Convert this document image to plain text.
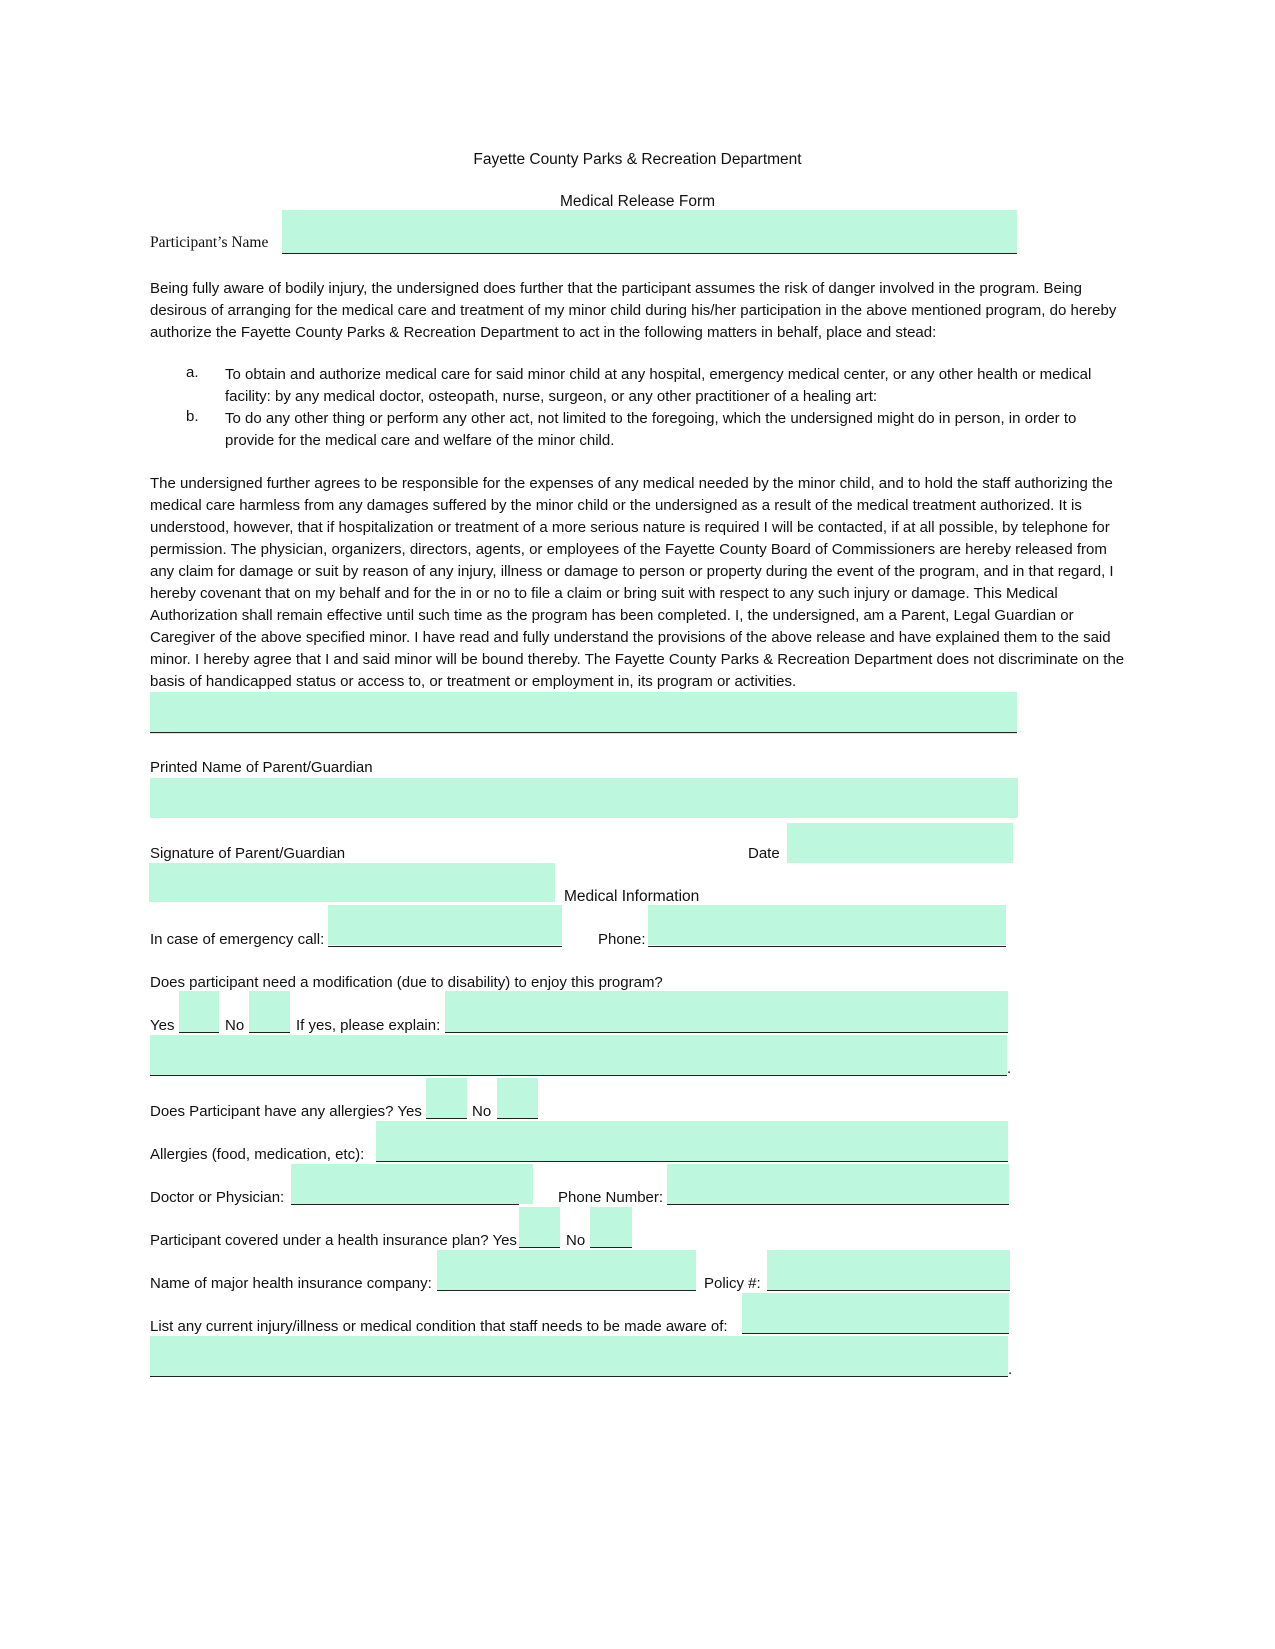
Fayette County Parks & Recreation Department
Medical Release Form
Participant’s Name
Being fully aware of bodily injury, the undersigned does further that the participant assumes the risk of danger involved in the program. Being desirous of arranging for the medical care and treatment of my minor child during his/her participation in the above mentioned program, do hereby authorize the Fayette County Parks & Recreation Department to act in the following matters in behalf, place and stead:
a. To obtain and authorize medical care for said minor child at any hospital, emergency medical center, or any other health or medical facility: by any medical doctor, osteopath, nurse, surgeon, or any other practitioner of a healing art:
b. To do any other thing or perform any other act, not limited to the foregoing, which the undersigned might do in person, in order to provide for the medical care and welfare of the minor child.
The undersigned further agrees to be responsible for the expenses of any medical needed by the minor child, and to hold the staff authorizing the medical care harmless from any damages suffered by the minor child or the undersigned as a result of the medical treatment authorized. It is understood, however, that if hospitalization or treatment of a more serious nature is required I will be contacted, if at all possible, by telephone for permission. The physician, organizers, directors, agents, or employees of the Fayette County Board of Commissioners are hereby released from any claim for damage or suit by reason of any injury, illness or damage to person or property during the event of the program, and in that regard, I hereby covenant that on my behalf and for the in or no to file a claim or bring suit with respect to any such injury or damage. This Medical Authorization shall remain effective until such time as the program has been completed. I, the undersigned, am a Parent, Legal Guardian or Caregiver of the above specified minor. I have read and fully understand the provisions of the above release and have explained them to the said minor. I hereby agree that I and said minor will be bound thereby. The Fayette County Parks & Recreation Department does not discriminate on the basis of handicapped status or access to, or treatment or employment in, its program or activities.
Printed Name of Parent/Guardian
Signature of Parent/Guardian	Date
Medical Information
In case of emergency call:	Phone:
Does participant need a modification (due to disability) to enjoy this program?
Yes	No	If yes, please explain:
.
Does Participant have any allergies? Yes	No
Allergies (food, medication, etc):
Doctor or Physician:	Phone Number:
Participant covered under a health insurance plan? Yes	No
Name of major health insurance company:	Policy #:
List any current injury/illness or medical condition that staff needs to be made aware of:
.
